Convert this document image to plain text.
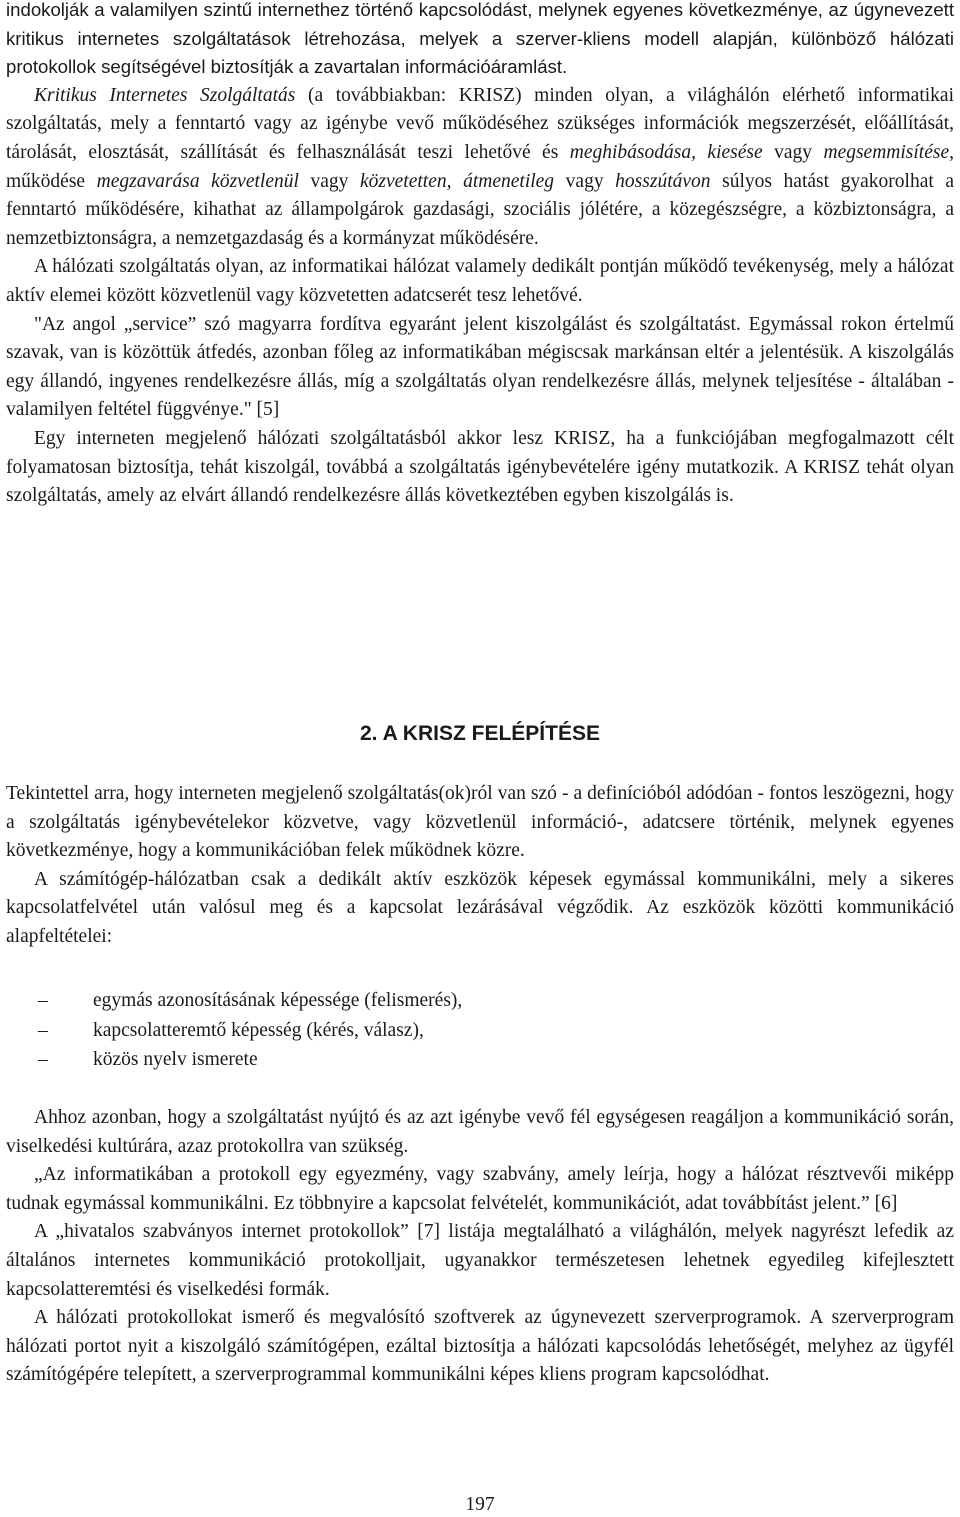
indokolják a valamilyen szintű internethez történő kapcsolódást, melynek egyenes következménye, az úgynevezett kritikus internetes szolgáltatások létrehozása, melyek a szerver-kliens modell alapján, különböző hálózati protokollok segítségével biztosítják a zavartalan információáramlást.

Kritikus Internetes Szolgáltatás (a továbbiakban: KRISZ) minden olyan, a világhálón elérhető informatikai szolgáltatás, mely a fenntartó vagy az igénybe vevő működéséhez szükséges információk megszerzését, előállítását, tárolását, elosztását, szállítását és felhasználását teszi lehetővé és meghibásodása, kiesése vagy megsemmisítése, működése megzavarása közvetlenül vagy közvetetten, átmenetileg vagy hosszútávon súlyos hatást gyakorolhat a fenntartó működésére, kihathat az állampolgárok gazdasági, szociális jólétére, a közegészségre, a közbiztonságra, a nemzetbiztonságra, a nemzetgazdaság és a kormányzat működésére.

A hálózati szolgáltatás olyan, az informatikai hálózat valamely dedikált pontján működő tevékenység, mely a hálózat aktív elemei között közvetlenül vagy közvetetten adatcserét tesz lehetővé.

"Az angol „service” szó magyarra fordítva egyaránt jelent kiszolgálást és szolgáltatást. Egymással rokon értelmű szavak, van is közöttük átfedés, azonban főleg az informatikában mégiscsak markánsan eltér a jelentésük. A kiszolgálás egy állandó, ingyenes rendelkezésre állás, míg a szolgáltatás olyan rendelkezésre állás, melynek teljesítése - általában - valamilyen feltétel függvénye." [5]

Egy interneten megjelenő hálózati szolgáltatásból akkor lesz KRISZ, ha a funkciójában megfogalmazott célt folyamatosan biztosítja, tehát kiszolgál, továbbá a szolgáltatás igénybevételére igény mutatkozik. A KRISZ tehát olyan szolgáltatás, amely az elvárt állandó rendelkezésre állás következtében egyben kiszolgálás is.

2. A KRISZ FELÉPÍTÉSE

Tekintettel arra, hogy interneten megjelenő szolgáltatás(ok)ról van szó - a definícióból adódóan - fontos leszögezni, hogy a szolgáltatás igénybevételekor közvetve, vagy közvetlenül információ-, adatcsere történik, melynek egyenes következménye, hogy a kommunikációban felek működnek közre.

A számítógép-hálózatban csak a dedikált aktív eszközök képesek egymással kommunikálni, mely a sikeres kapcsolatfelvétel után valósul meg és a kapcsolat lezárásával végződik. Az eszközök közötti kommunikáció alapfeltételei:

– egymás azonosításának képessége (felismerés),
– kapcsolatteremtő képesség (kérés, válasz),
– közös nyelv ismerete

Ahhoz azonban, hogy a szolgáltatást nyújtó és az azt igénybe vevő fél egységesen reagáljon a kommunikáció során, viselkedési kultúrára, azaz protokollra van szükség.

„Az informatikában a protokoll egy egyezmény, vagy szabvány, amely leírja, hogy a hálózat résztvevői miképp tudnak egymással kommunikálni. Ez többnyire a kapcsolat felvételét, kommunikációt, adat továbbítást jelent.” [6]

A „hivatalos szabványos internet protokollok” [7] listája megtalálható a világhálón, melyek nagyrészt lefedik az általános internetes kommunikáció protokolljait, ugyanakkor természetesen lehetnek egyedileg kifejlesztett kapcsolatteremtési és viselkedési formák.

A hálózati protokollokat ismerő és megvalósító szoftverek az úgynevezett szerverprogramok. A szerverprogram hálózati portot nyit a kiszolgáló számítógépen, ezáltal biztosítja a hálózati kapcsolódás lehetőségét, melyhez az ügyfél számítógépére telepített, a szerverprogrammal kommunikálni képes kliens program kapcsolódhat.

197
